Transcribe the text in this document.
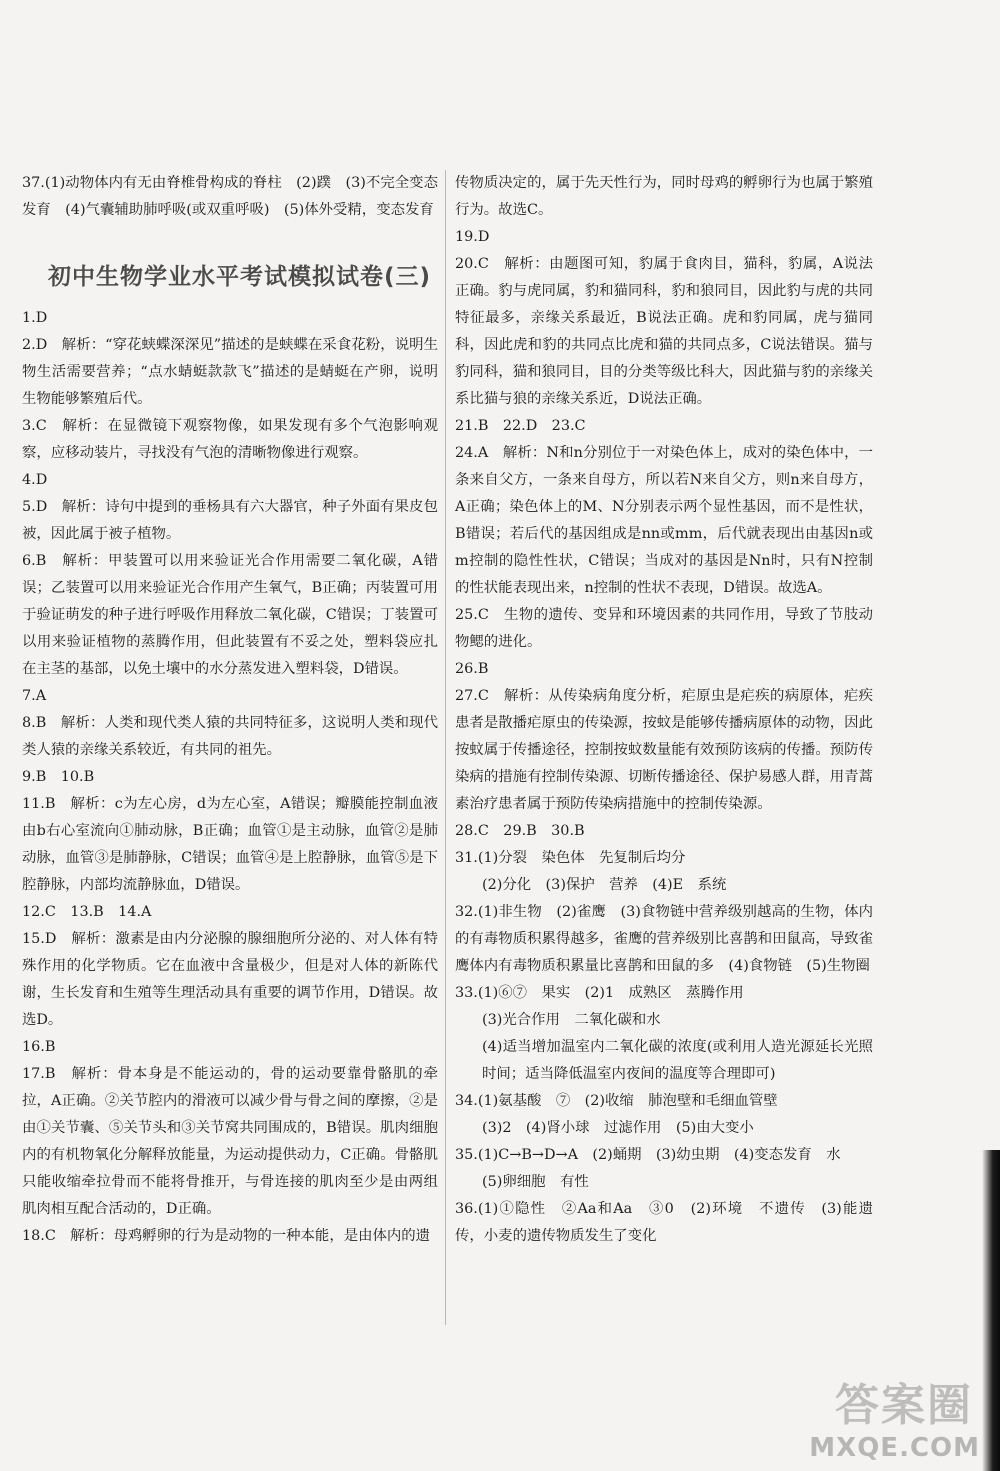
37.(1)动物体内有无由脊椎骨构成的脊柱　(2)蹼　(3)不完全变态发育　(4)气囊辅助肺呼吸(或双重呼吸)　(5)体外受精，变态发育

初中生物学业水平考试模拟试卷(三)

1.D

2.D　解析：“穿花蛱蝶深深见”描述的是蛱蝶在采食花粉，说明生物生活需要营养；“点水蜻蜓款款飞”描述的是蜻蜓在产卵，说明生物能够繁殖后代。

3.C　解析：在显微镜下观察物像，如果发现有多个气泡影响观察，应移动装片，寻找没有气泡的清晰物像进行观察。

4.D

5.D　解析：诗句中提到的垂杨具有六大器官，种子外面有果皮包被，因此属于被子植物。

6.B　解析：甲装置可以用来验证光合作用需要二氧化碳，A错误；乙装置可以用来验证光合作用产生氧气，B正确；丙装置可用于验证萌发的种子进行呼吸作用释放二氧化碳，C错误；丁装置可以用来验证植物的蒸腾作用，但此装置有不妥之处，塑料袋应扎在主茎的基部，以免土壤中的水分蒸发进入塑料袋，D错误。

7.A

8.B　解析：人类和现代类人猿的共同特征多，这说明人类和现代类人猿的亲缘关系较近，有共同的祖先。

9.B　10.B

11.B　解析：c为左心房，d为左心室，A错误；瓣膜能控制血液由b右心室流向①肺动脉，B正确；血管①是主动脉，血管②是肺动脉，血管③是肺静脉，C错误；血管④是上腔静脉，血管⑤是下腔静脉，内部均流静脉血，D错误。

12.C　13.B　14.A

15.D　解析：激素是由内分泌腺的腺细胞所分泌的、对人体有特殊作用的化学物质。它在血液中含量极少，但是对人体的新陈代谢，生长发育和生殖等生理活动具有重要的调节作用，D错误。故选D。

16.B

17.B　解析：骨本身是不能运动的，骨的运动要靠骨骼肌的牵拉，A正确。②关节腔内的滑液可以减少骨与骨之间的摩擦，②是由①关节囊、⑤关节头和③关节窝共同围成的，B错误。肌肉细胞内的有机物氧化分解释放能量，为运动提供动力，C正确。骨骼肌只能收缩牵拉骨而不能将骨推开，与骨连接的肌肉至少是由两组肌肉相互配合活动的，D正确。

18.C　解析：母鸡孵卵的行为是动物的一种本能，是由体内的遗

传物质决定的，属于先天性行为，同时母鸡的孵卵行为也属于繁殖行为。故选C。

19.D

20.C　解析：由题图可知，豹属于食肉目，猫科，豹属，A说法正确。豹与虎同属，豹和猫同科，豹和狼同目，因此豹与虎的共同特征最多，亲缘关系最近，B说法正确。虎和豹同属，虎与猫同科，因此虎和豹的共同点比虎和猫的共同点多，C说法错误。猫与豹同科，猫和狼同目，目的分类等级比科大，因此猫与豹的亲缘关系比猫与狼的亲缘关系近，D说法正确。

21.B　22.D　23.C

24.A　解析：N和n分别位于一对染色体上，成对的染色体中，一条来自父方，一条来自母方，所以若N来自父方，则n来自母方，A正确；染色体上的M、N分别表示两个显性基因，而不是性状，B错误；若后代的基因组成是nn或mm，后代就表现出由基因n或m控制的隐性性状，C错误；当成对的基因是Nn时，只有N控制的性状能表现出来，n控制的性状不表现，D错误。故选A。

25.C　生物的遗传、变异和环境因素的共同作用，导致了节肢动物鳃的进化。

26.B

27.C　解析：从传染病角度分析，疟原虫是疟疾的病原体，疟疾患者是散播疟原虫的传染源，按蚊是能够传播病原体的动物，因此按蚊属于传播途径，控制按蚊数量能有效预防该病的传播。预防传染病的措施有控制传染源、切断传播途径、保护易感人群，用青蒿素治疗患者属于预防传染病措施中的控制传染源。

28.C　29.B　30.B

31.(1)分裂　染色体　先复制后均分

(2)分化　(3)保护　营养　(4)E　系统

32.(1)非生物　(2)雀鹰　(3)食物链中营养级别越高的生物，体内的有毒物质积累得越多，雀鹰的营养级别比喜鹊和田鼠高，导致雀鹰体内有毒物质积累量比喜鹊和田鼠的多　(4)食物链　(5)生物圈

33.(1)⑥⑦　果实　(2)1　成熟区　蒸腾作用

(3)光合作用　二氧化碳和水

(4)适当增加温室内二氧化碳的浓度(或利用人造光源延长光照时间；适当降低温室内夜间的温度等合理即可)

34.(1)氨基酸　⑦　(2)收缩　肺泡壁和毛细血管壁

(3)2　(4)肾小球　过滤作用　(5)由大变小

35.(1)C→B→D→A　(2)蛹期　(3)幼虫期　(4)变态发育　水

(5)卵细胞　有性

36.(1)①隐性　②Aa和Aa　③0　(2)环境　不遗传　(3)能遗传，小麦的遗传物质发生了变化

答案圈
MXQE.COM
